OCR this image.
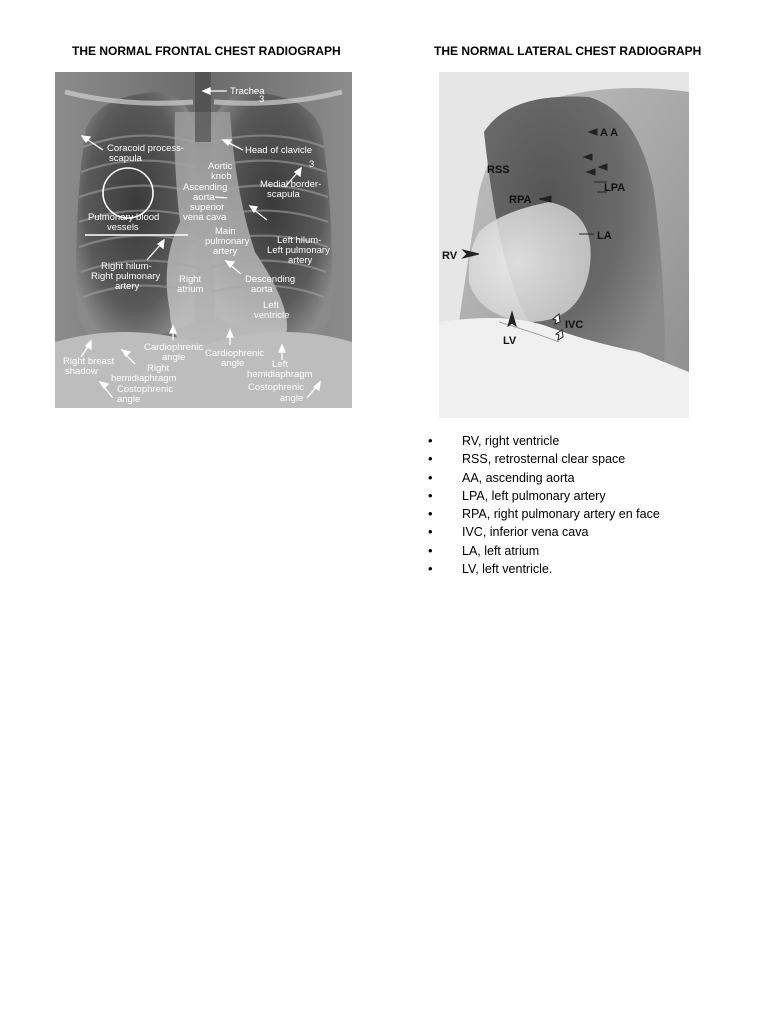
THE NORMAL FRONTAL CHEST RADIOGRAPH	THE NORMAL LATERAL CHEST RADIOGRAPH
Trachea
3
Coracoid process-
scapula
Head of clavicle
Aortic
knob
3
Ascending
aorta-
superior
vena cava
Medial border-
scapula
Pulmonary blood
vessels	Main
pulmonary
artery
Left hilum-
Left pulmonary
artery
Right hilum-
Right pulmonary
artery
Right
atrium
Descending
aorta
Left
ventricle
Cardiophrenic
angle Cardiophrenic
angle
Right breast
shadow	Right
hemidiaphragm
Left
hemidiaphragm
Costophrenic
angle
Costophrenic
angle
A A
RSS
LPA
RPA
LA
RV
IVC
LV
• RV, right ventricle
• RSS, retrosternal clear space
• AA, ascending aorta
• LPA, left pulmonary artery
• RPA, right pulmonary artery en face
• IVC, inferior vena cava
• LA, left atrium
• LV, left ventricle.
